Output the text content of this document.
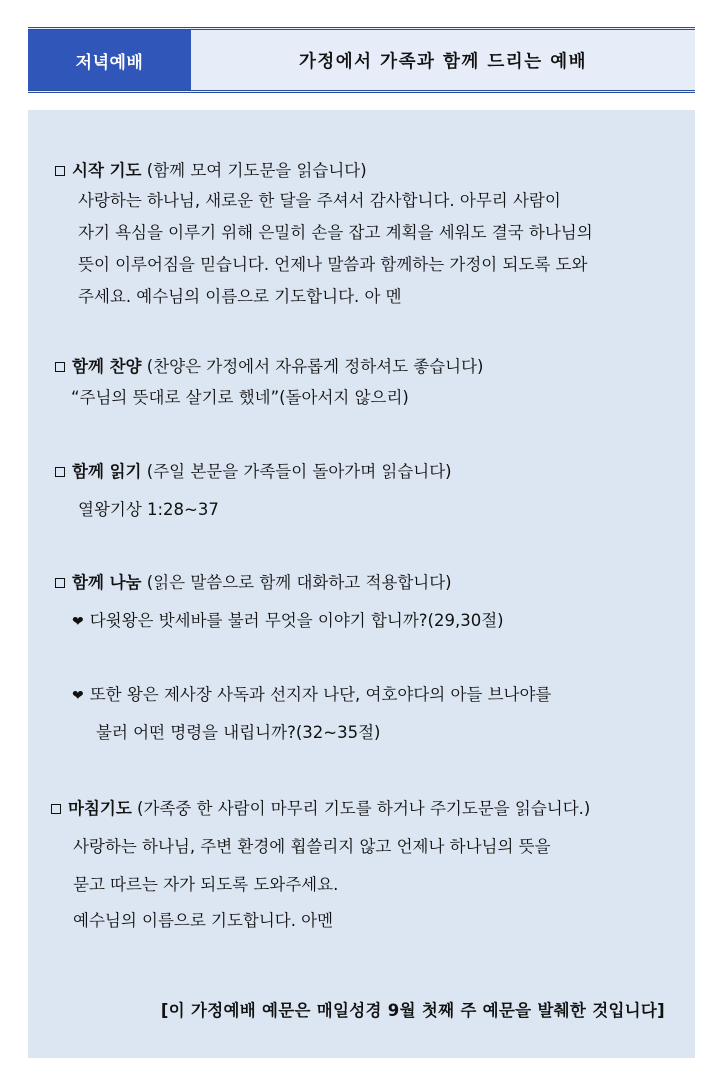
저녁예배	가정에서 가족과 함께 드리는 예배
시작 기도 (함께 모여 기도문을 읽습니다)
사랑하는 하나님, 새로운 한 달을 주셔서 감사합니다. 아무리 사람이
자기 욕심을 이루기 위해 은밀히 손을 잡고 계획을 세워도 결국 하나님의
뜻이 이루어짐을 믿습니다. 언제나 말씀과 함께하는 가정이 되도록 도와
주세요. 예수님의 이름으로 기도합니다. 아 멘
함께 찬양 (찬양은 가정에서 자유롭게 정하셔도 좋습니다)
“주님의 뜻대로 살기로 했네”(돌아서지 않으리)
함께 읽기 (주일 본문을 가족들이 돌아가며 읽습니다)
열왕기상 1:28~37
함께 나눔 (읽은 말씀으로 함께 대화하고 적용합니다)
❤ 다윗왕은 밧세바를 불러 무엇을 이야기 합니까?(29,30절)
❤ 또한 왕은 제사장 사독과 선지자 나단, 여호야다의 아들 브나야를
불러 어떤 명령을 내립니까?(32~35절)
마침기도 (가족중 한 사람이 마무리 기도를 하거나 주기도문을 읽습니다.)
사랑하는 하나님, 주변 환경에 휩쓸리지 않고 언제나 하나님의 뜻을
묻고 따르는 자가 되도록 도와주세요.
예수님의 이름으로 기도합니다. 아멘
[이 가정예배 예문은 매일성경 9월 첫째 주 예문을 발췌한 것입니다]
